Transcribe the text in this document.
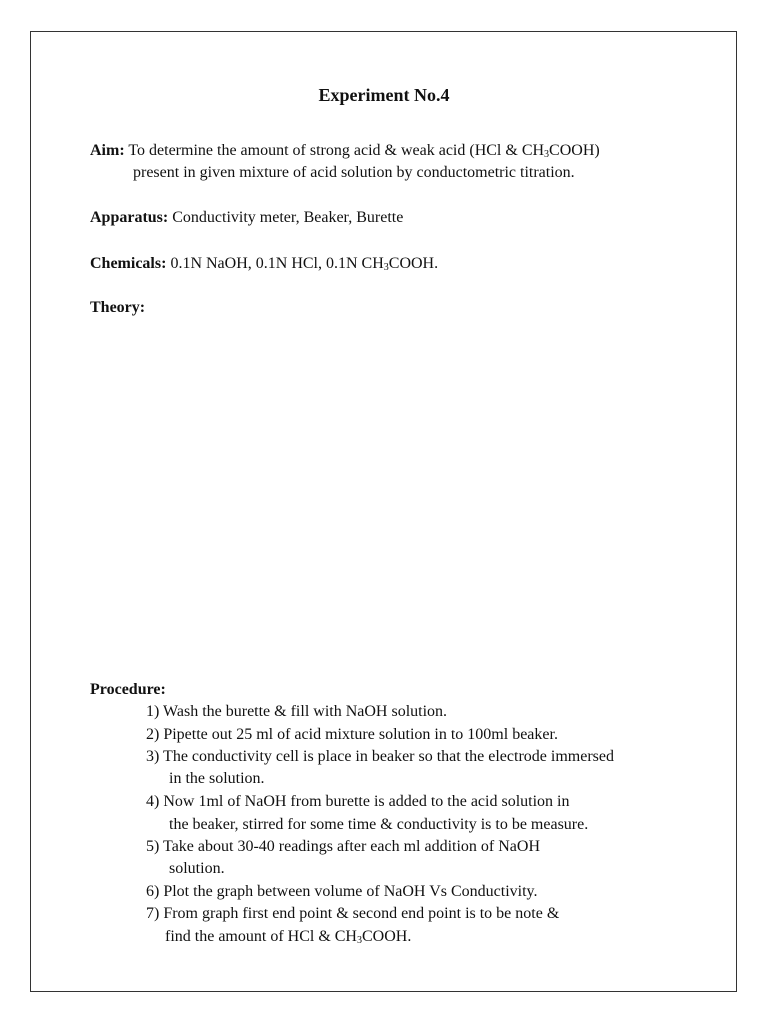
Experiment No.4
Aim: To determine the amount of strong acid & weak acid (HCl & $CH_3COOH$)
present in given mixture of acid solution by conductometric titration.
Apparatus: Conductivity meter, Beaker, Burette
Chemicals: 0.1N NaOH, 0.1N HCl, 0.1N $CH_3COOH$.
Theory:
Procedure:
1) Wash the burette & fill with NaOH solution.
2) Pipette out 25 ml of acid mixture solution in to 100ml beaker.
3) The conductivity cell is place in beaker so that the electrode immersed
in the solution.
4) Now 1ml of NaOH from burette is added to the acid solution in
the beaker, stirred for some time & conductivity is to be measure.
5) Take about 30-40 readings after each ml addition of NaOH
solution.
6) Plot the graph between volume of NaOH Vs Conductivity.
7) From graph first end point & second end point is to be note &
find the amount of HCl & $CH_3COOH$.
